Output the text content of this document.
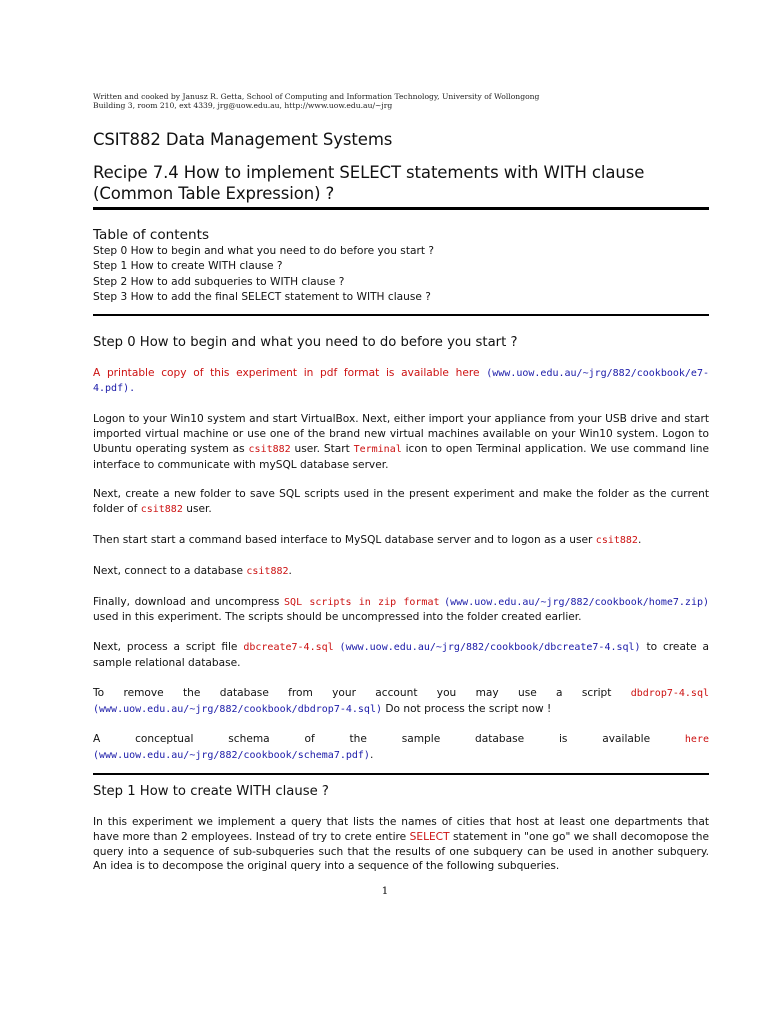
Written and cooked by Janusz R. Getta, School of Computing and Information Technology, University of Wollongong
Building 3, room 210, ext 4339, jrg@uow.edu.au, http://www.uow.edu.au/~jrg
CSIT882 Data Management Systems
Recipe 7.4 How to implement SELECT statements with WITH clause (Common Table Expression) ?
Table of contents
Step 0 How to begin and what you need to do before you start ?
Step 1 How to create WITH clause ?
Step 2 How to add subqueries to WITH clause ?
Step 3 How to add the final SELECT statement to WITH clause ?
Step 0 How to begin and what you need to do before you start ?

A printable copy of this experiment in pdf format is available here (www.uow.edu.au/~jrg/882/cookbook/e7-4.pdf).

Logon to your Win10 system and start VirtualBox. Next, either import your appliance from your USB drive and start imported virtual machine or use one of the brand new virtual machines available on your Win10 system. Logon to Ubuntu operating system as csit882 user. Start Terminal icon to open Terminal application. We use command line interface to communicate with mySQL database server.

Next, create a new folder to save SQL scripts used in the present experiment and make the folder as the current folder of csit882 user.

Then start start a command based interface to MySQL database server and to logon as a user csit882.

Next, connect to a database csit882.

Finally, download and uncompress SQL scripts in zip format (www.uow.edu.au/~jrg/882/cookbook/home7.zip) used in this experiment. The scripts should be uncompressed into the folder created earlier.

Next, process a script file dbcreate7-4.sql (www.uow.edu.au/~jrg/882/cookbook/dbcreate7-4.sql) to create a sample relational database.

To remove the database from your account you may use a script dbdrop7-4.sql (www.uow.edu.au/~jrg/882/cookbook/dbdrop7-4.sql) Do not process the script now !

A conceptual schema of the sample database is available here (www.uow.edu.au/~jrg/882/cookbook/schema7.pdf).

Step 1 How to create WITH clause ?

In this experiment we implement a query that lists the names of cities that host at least one departments that have more than 2 employees. Instead of try to crete entire SELECT statement in "one go" we shall decomopose the query into a sequence of sub-subqueries such that the results of one subquery can be used in another subquery. An idea is to decompose the original query into a sequence of the following subqueries.

1
